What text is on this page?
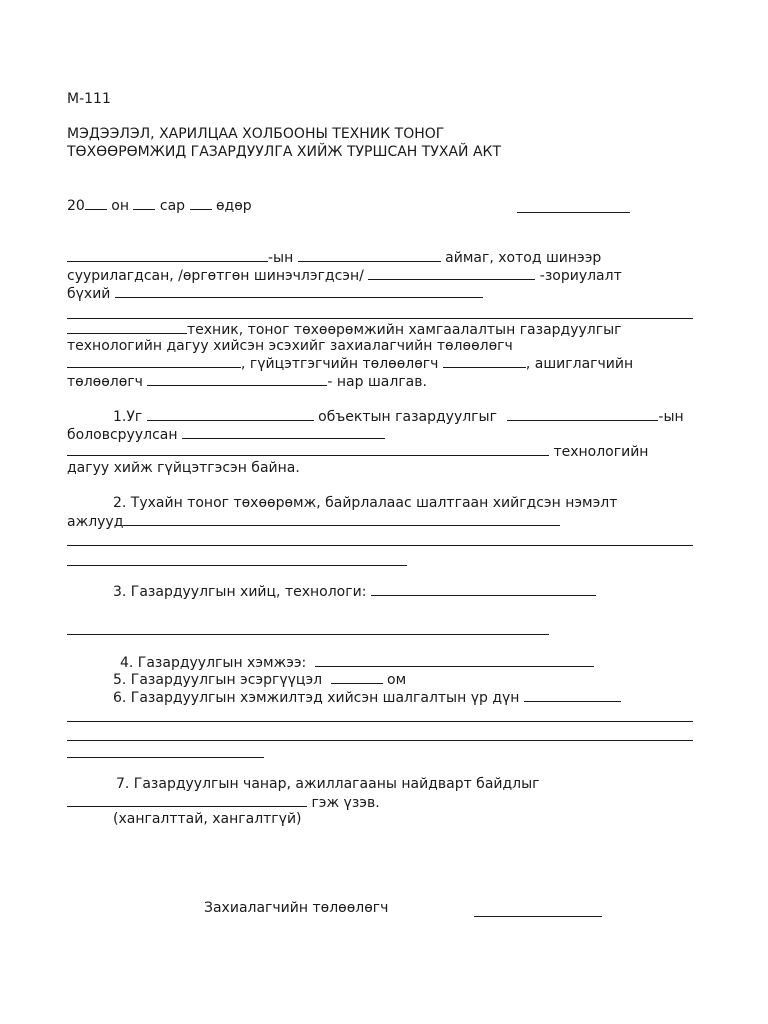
М-111
МЭДЭЭЛЭЛ, ХАРИЛЦАА ХОЛБООНЫ ТЕХНИК ТОНОГ
ТӨХӨӨРӨМЖИД ГАЗАРДУУЛГА ХИЙЖ ТУРШСАН ТУХАЙ АКТ
20 он сар өдөр
-ын	аймаг, хотод шинээр
суурилагдсан, /өргөтгөн шинэчлэгдсэн/	-зориулалт
бүхий
техник, тоног төхөөрөмжийн хамгаалалтын газардуулгыг
технологийн дагуу хийсэн эсэхийг захиалагчийн төлөөлөгч
, гүйцэтгэгчийн төлөөлөгч	, ашиглагчийн
төлөөлөгч	- нар шалгав.
1.Уг	объектын газардуулгыг	-ын
боловсруулсан
технологийн
дагуу хийж гүйцэтгэсэн байна.
2. Тухайн тоног төхөөрөмж, байрлалаас шалтгаан хийгдсэн нэмэлт
ажлууд
3. Газардуулгын хийц, технологи:
4. Газардуулгын хэмжээ:
5. Газардуулгын эсэргүүцэл	ом
6. Газардуулгын хэмжилтэд хийсэн шалгалтын үр дүн
7. Газардуулгын чанар, ажиллагааны найдварт байдлыг
гэж үзэв.
(хангалттай, хангалтгүй)
Захиалагчийн төлөөлөгч
